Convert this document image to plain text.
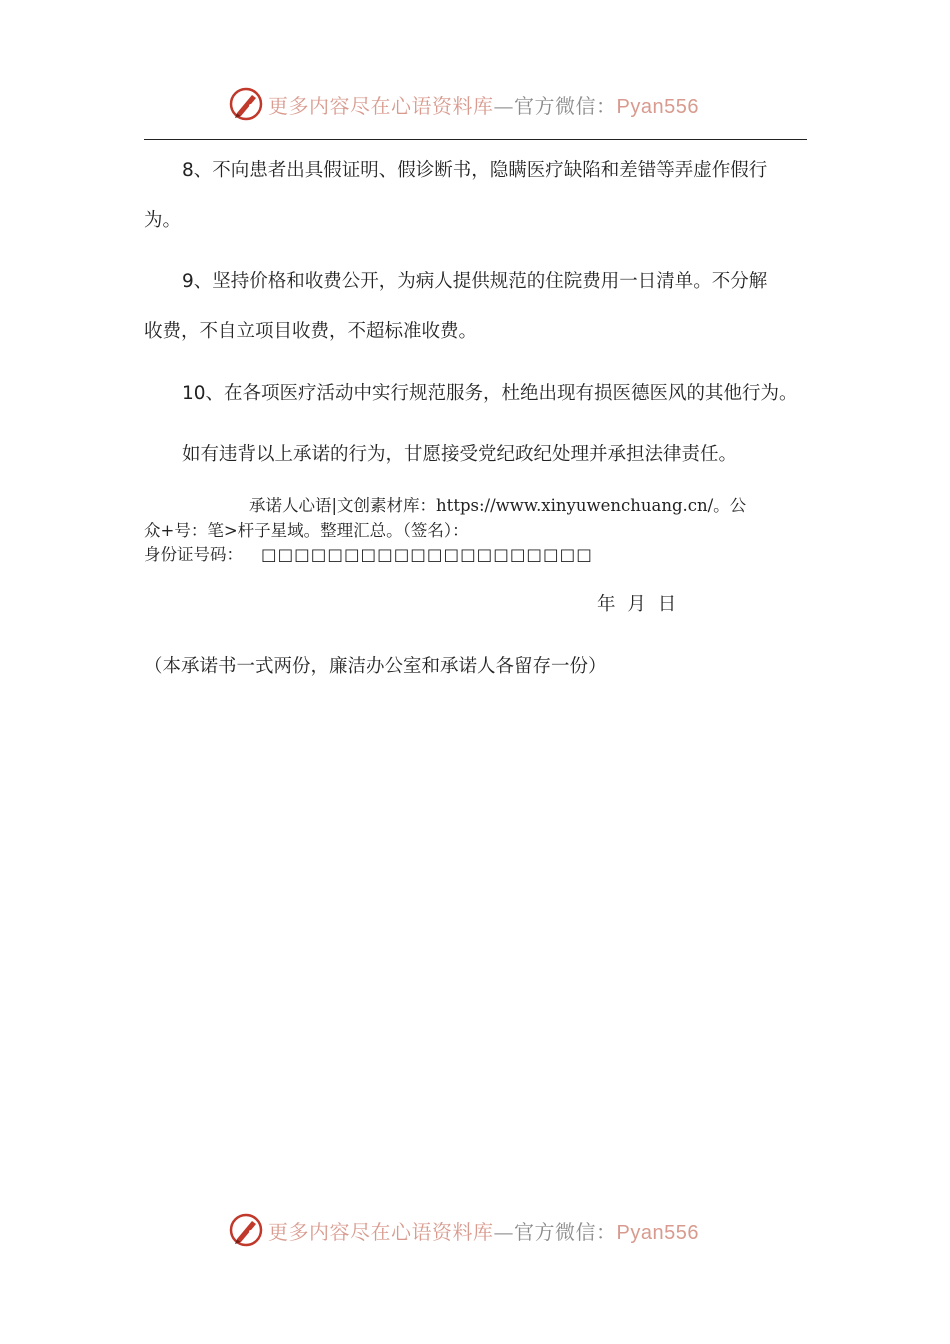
更多内容尽在心语资料库—官方微信：Pyan556
8、不向患者出具假证明、假诊断书，隐瞒医疗缺陷和差错等弄虚作假行
为。
9、坚持价格和收费公开，为病人提供规范的住院费用一日清单。不分解
收费，不自立项目收费，不超标准收费。
10、在各项医疗活动中实行规范服务，杜绝出现有损医德医风的其他行为。
如有违背以上承诺的行为，甘愿接受党纪政纪处理并承担法律责任。
承诺人心语|文创素材库：https://www.xinyuwenchuang.cn/。公
众+号：笔>杆子星域。整理汇总。（签名）：
身份证号码： □□□□□□□□□□□□□□□□□□□□
年 月 日
（本承诺书一式两份，廉洁办公室和承诺人各留存一份）
更多内容尽在心语资料库—官方微信：Pyan556
